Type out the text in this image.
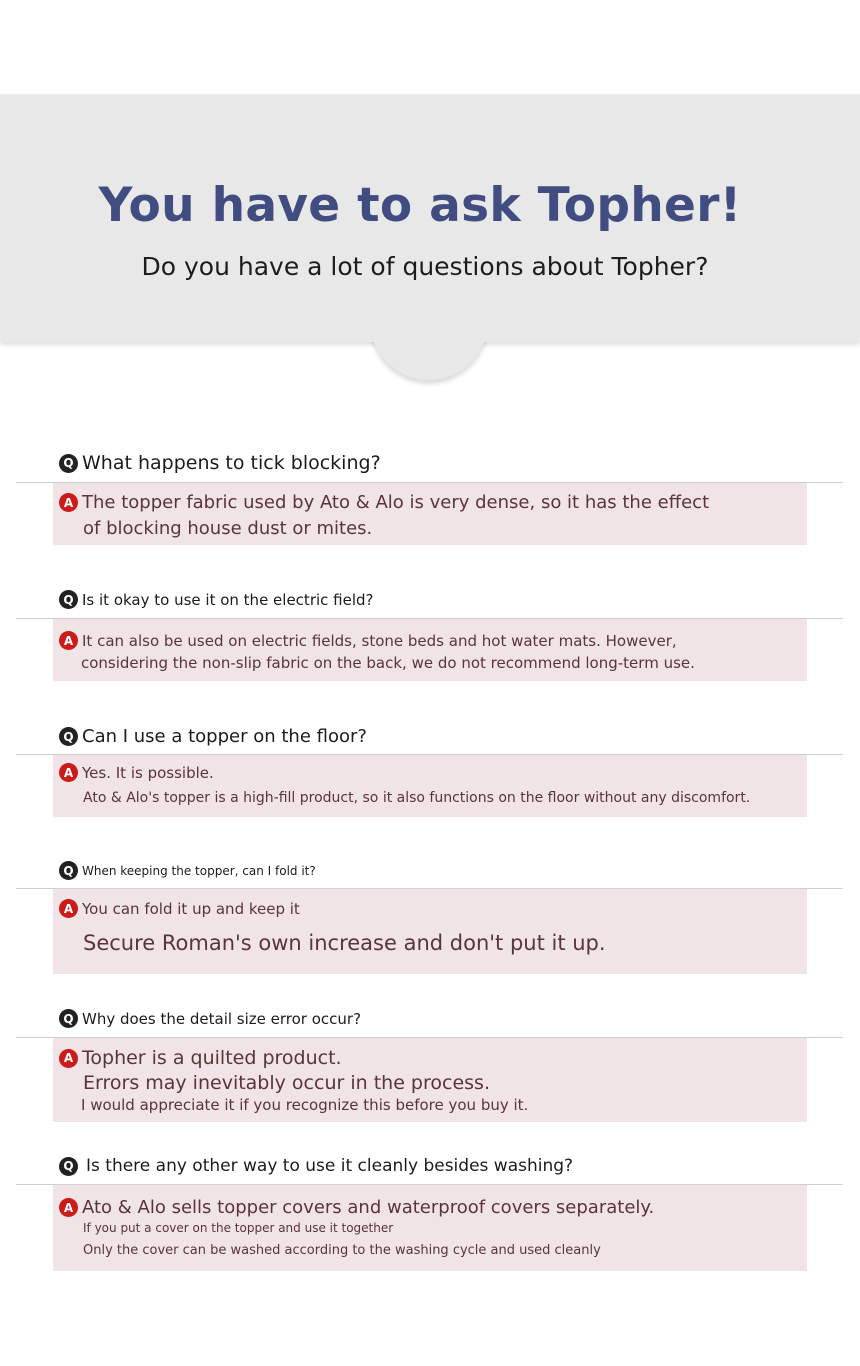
You have to ask Topher!

Do you have a lot of questions about Topher?

Q What happens to tick blocking?
A The topper fabric used by Ato & Alo is very dense, so it has the effect
of blocking house dust or mites.
Q Is it okay to use it on the electric field?
A It can also be used on electric fields, stone beds and hot water mats. However,
considering the non-slip fabric on the back, we do not recommend long-term use.
Q Can I use a topper on the floor?
A Yes. It is possible.
Ato & Alo's topper is a high-fill product, so it also functions on the floor without any discomfort.
Q When keeping the topper, can I fold it?
A You can fold it up and keep it
Secure Roman's own increase and don't put it up.
Q Why does the detail size error occur?
A Topher is a quilted product.
Errors may inevitably occur in the process.
I would appreciate it if you recognize this before you buy it.
Q Is there any other way to use it cleanly besides washing?
A Ato & Alo sells topper covers and waterproof covers separately.
If you put a cover on the topper and use it together
Only the cover can be washed according to the washing cycle and used cleanly
